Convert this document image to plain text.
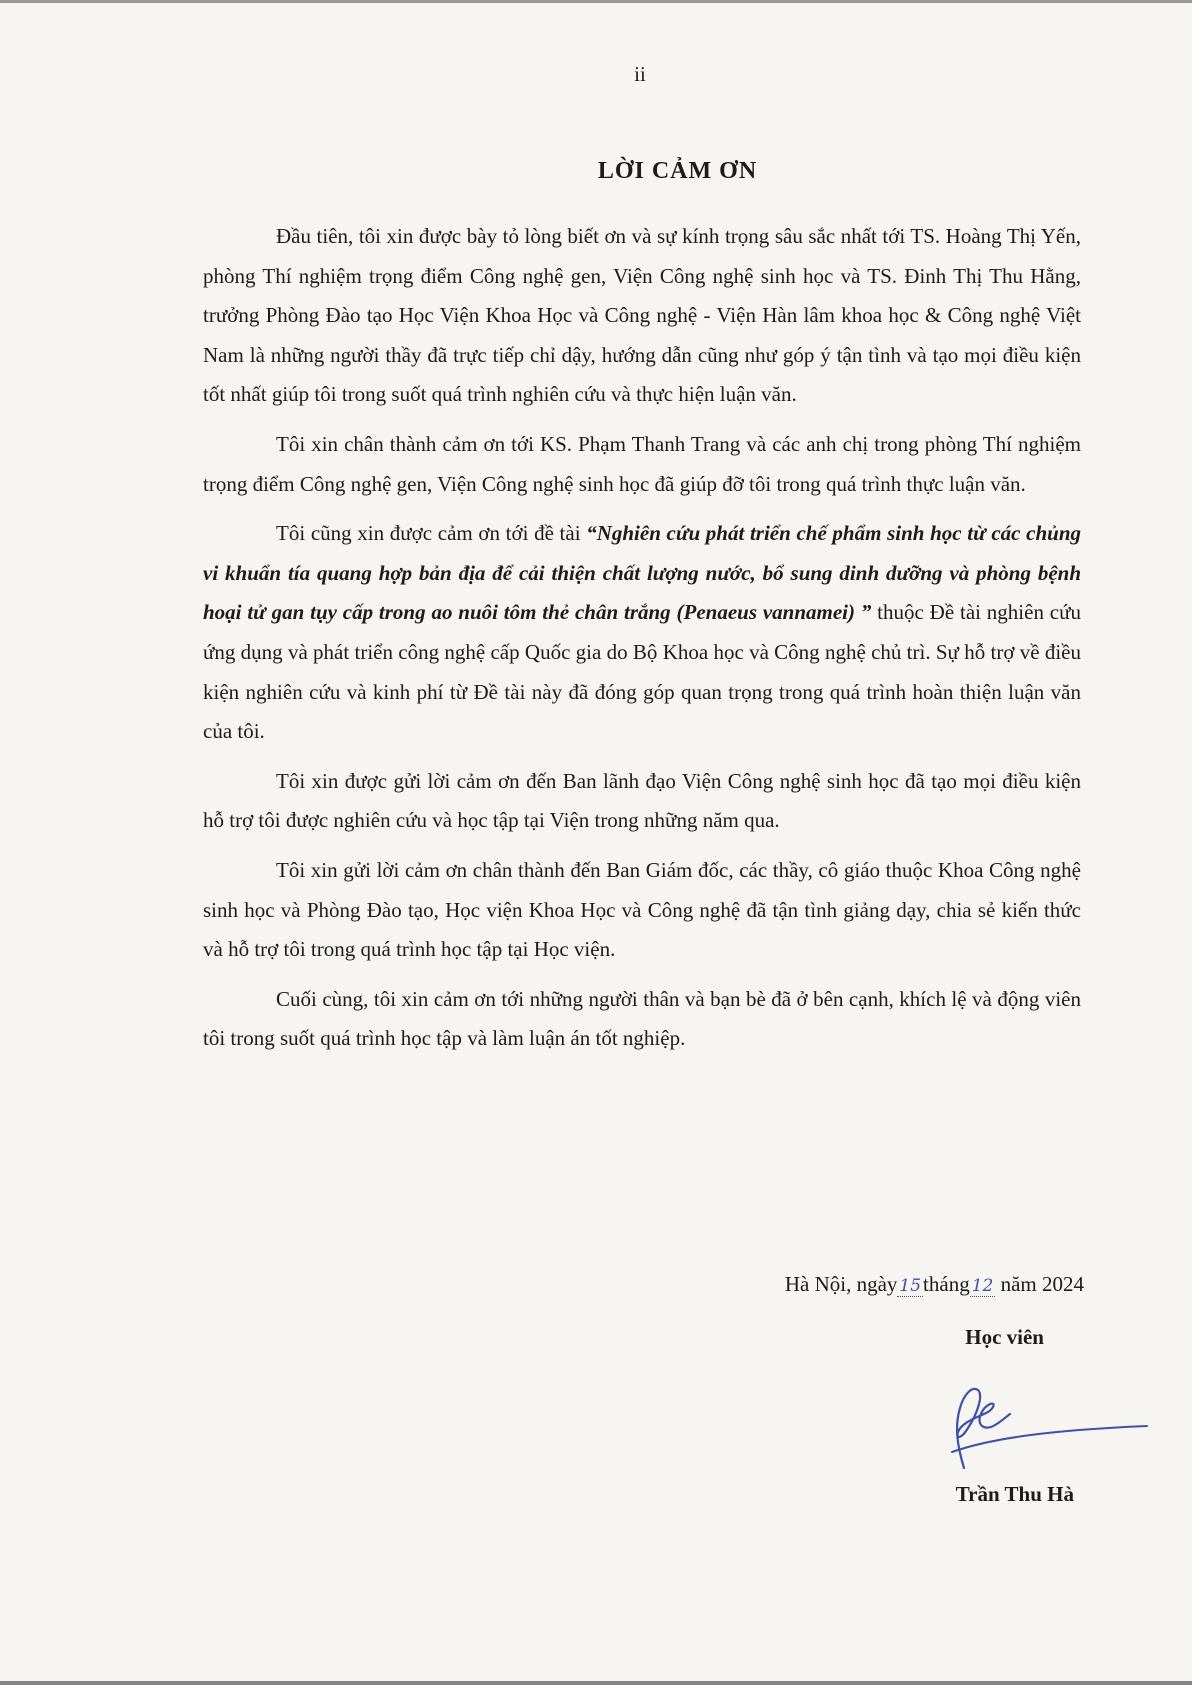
ii
LỜI CẢM ƠN

Đầu tiên, tôi xin được bày tỏ lòng biết ơn và sự kính trọng sâu sắc nhất tới TS. Hoàng Thị Yến, phòng Thí nghiệm trọng điểm Công nghệ gen, Viện Công nghệ sinh học và TS. Đinh Thị Thu Hằng, trưởng Phòng Đào tạo Học Viện Khoa Học và Công nghệ - Viện Hàn lâm khoa học & Công nghệ Việt Nam là những người thầy đã trực tiếp chỉ dậy, hướng dẫn cũng như góp ý tận tình và tạo mọi điều kiện tốt nhất giúp tôi trong suốt quá trình nghiên cứu và thực hiện luận văn.

Tôi xin chân thành cảm ơn tới KS. Phạm Thanh Trang và các anh chị trong phòng Thí nghiệm trọng điểm Công nghệ gen, Viện Công nghệ sinh học đã giúp đỡ tôi trong quá trình thực luận văn.

Tôi cũng xin được cảm ơn tới đề tài “Nghiên cứu phát triển chế phẩm sinh học từ các chủng vi khuẩn tía quang hợp bản địa để cải thiện chất lượng nước, bổ sung dinh dưỡng và phòng bệnh hoại tử gan tụy cấp trong ao nuôi tôm thẻ chân trắng (Penaeus vannamei) ” thuộc Đề tài nghiên cứu ứng dụng và phát triển công nghệ cấp Quốc gia do Bộ Khoa học và Công nghệ chủ trì. Sự hỗ trợ về điều kiện nghiên cứu và kinh phí từ Đề tài này đã đóng góp quan trọng trong quá trình hoàn thiện luận văn của tôi.

Tôi xin được gửi lời cảm ơn đến Ban lãnh đạo Viện Công nghệ sinh học đã tạo mọi điều kiện hỗ trợ tôi được nghiên cứu và học tập tại Viện trong những năm qua.

Tôi xin gửi lời cảm ơn chân thành đến Ban Giám đốc, các thầy, cô giáo thuộc Khoa Công nghệ sinh học và Phòng Đào tạo, Học viện Khoa Học và Công nghệ đã tận tình giảng dạy, chia sẻ kiến thức và hỗ trợ tôi trong quá trình học tập tại Học viện.

Cuối cùng, tôi xin cảm ơn tới những người thân và bạn bè đã ở bên cạnh, khích lệ và động viên tôi trong suốt quá trình học tập và làm luận án tốt nghiệp.

Hà Nội, ngày 15tháng 12 năm 2024
Học viên
Trần Thu Hà
